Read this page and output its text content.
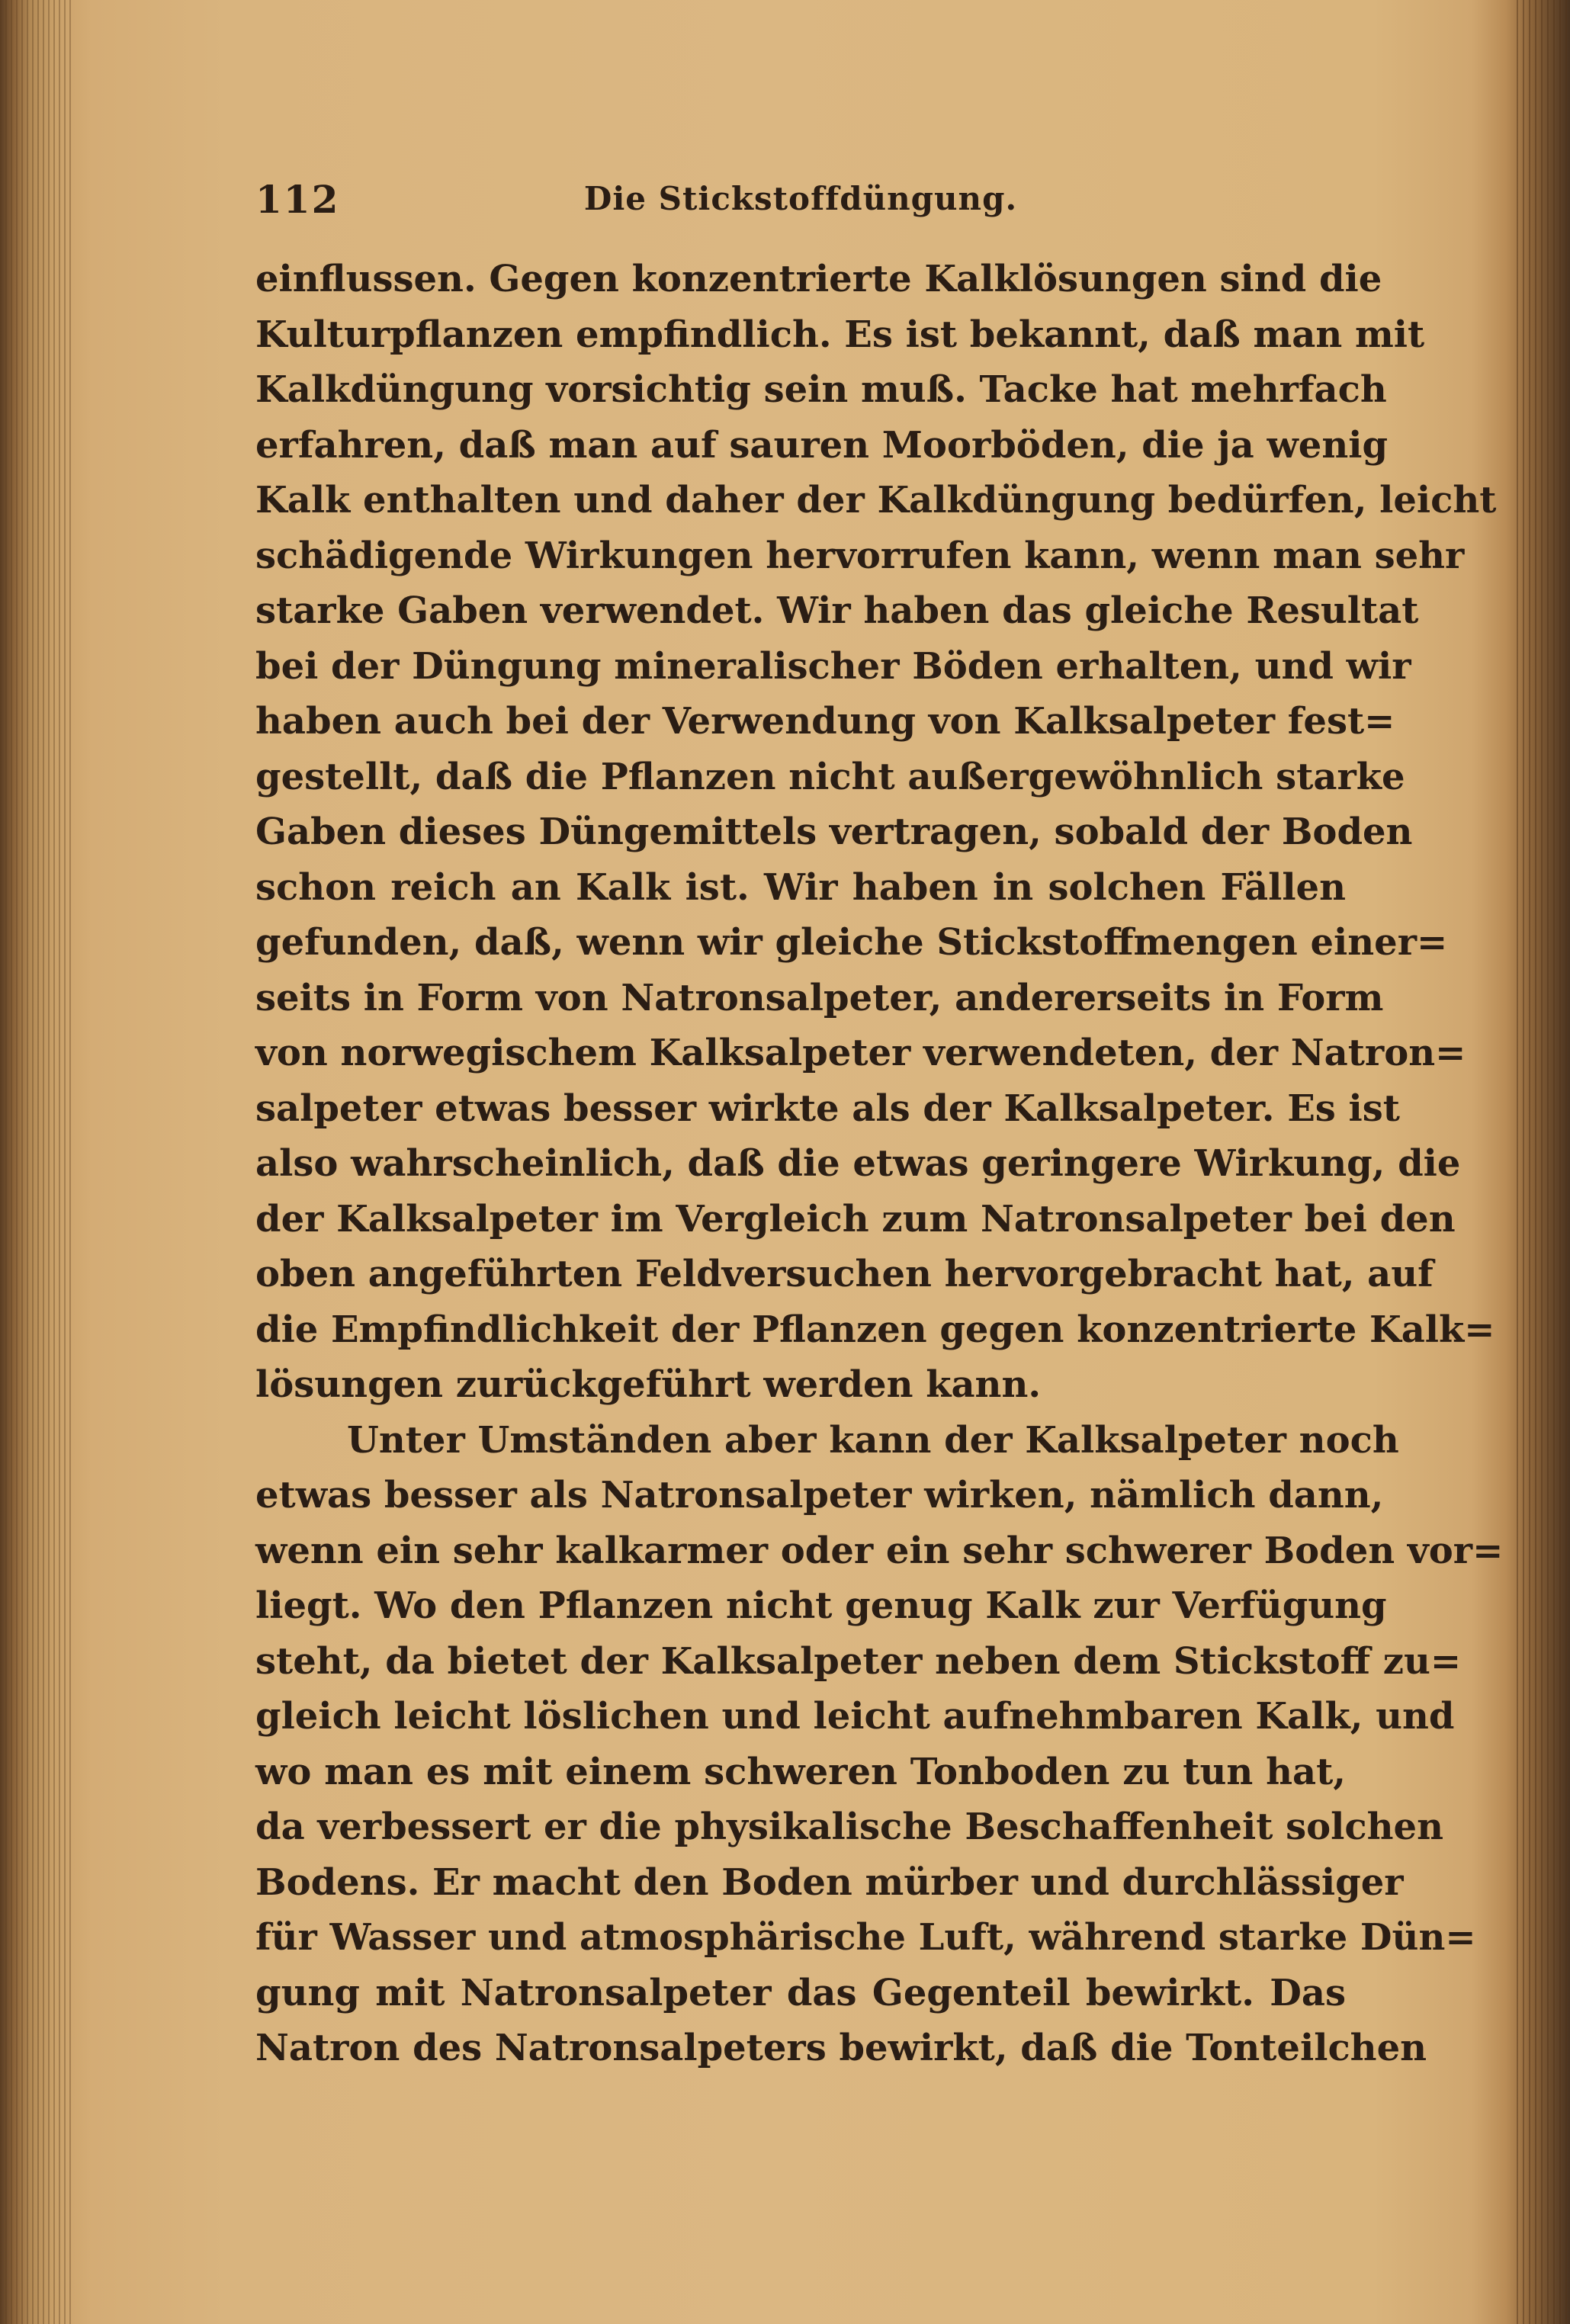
112	Die Stickstoffdüngung.
einflussen. Gegen konzentrierte Kalklösungen sind die
Kulturpflanzen empfindlich. Es ist bekannt, daß man mit
Kalkdüngung vorsichtig sein muß. Tacke hat mehrfach
erfahren, daß man auf sauren Moorböden, die ja wenig
Kalk enthalten und daher der Kalkdüngung bedürfen, leicht
schädigende Wirkungen hervorrufen kann, wenn man sehr
starke Gaben verwendet. Wir haben das gleiche Resultat
bei der Düngung mineralischer Böden erhalten, und wir
haben auch bei der Verwendung von Kalksalpeter fest=
gestellt, daß die Pflanzen nicht außergewöhnlich starke
Gaben dieses Düngemittels vertragen, sobald der Boden
schon reich an Kalk ist. Wir haben in solchen Fällen
gefunden, daß, wenn wir gleiche Stickstoffmengen einer=
seits in Form von Natronsalpeter, andererseits in Form
von norwegischem Kalksalpeter verwendeten, der Natron=
salpeter etwas besser wirkte als der Kalksalpeter. Es ist
also wahrscheinlich, daß die etwas geringere Wirkung, die
der Kalksalpeter im Vergleich zum Natronsalpeter bei den
oben angeführten Feldversuchen hervorgebracht hat, auf
die Empfindlichkeit der Pflanzen gegen konzentrierte Kalk=
lösungen zurückgeführt werden kann.
Unter Umständen aber kann der Kalksalpeter noch
etwas besser als Natronsalpeter wirken, nämlich dann,
wenn ein sehr kalkarmer oder ein sehr schwerer Boden vor=
liegt. Wo den Pflanzen nicht genug Kalk zur Verfügung
steht, da bietet der Kalksalpeter neben dem Stickstoff zu=
gleich leicht löslichen und leicht aufnehmbaren Kalk, und
wo man es mit einem schweren Tonboden zu tun hat,
da verbessert er die physikalische Beschaffenheit solchen
Bodens. Er macht den Boden mürber und durchlässiger
für Wasser und atmosphärische Luft, während starke Dün=
gung mit Natronsalpeter das Gegenteil bewirkt. Das
Natron des Natronsalpeters bewirkt, daß die Tonteilchen
